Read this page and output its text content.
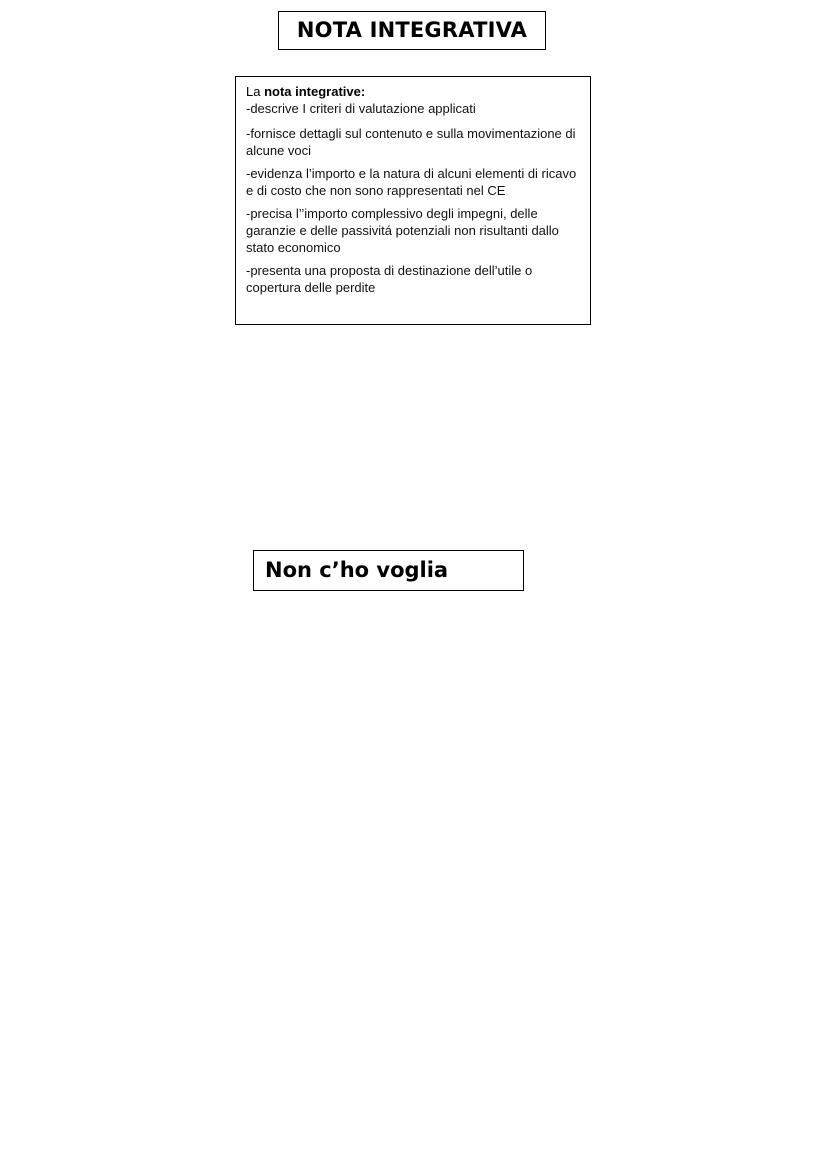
NOTA INTEGRATIVA

La nota integrative:

-descrive I criteri di valutazione applicati

-fornisce dettagli sul contenuto e sulla movimentazione di alcune voci

-evidenza l’importo e la natura di alcuni elementi di ricavo e di costo che non sono rappresentati nel CE

-precisa l’’importo complessivo degli impegni, delle garanzie e delle passivitá potenziali non risultanti dallo stato economico

-presenta una proposta di destinazione dell’utile o copertura delle perdite

Non c’ho voglia
